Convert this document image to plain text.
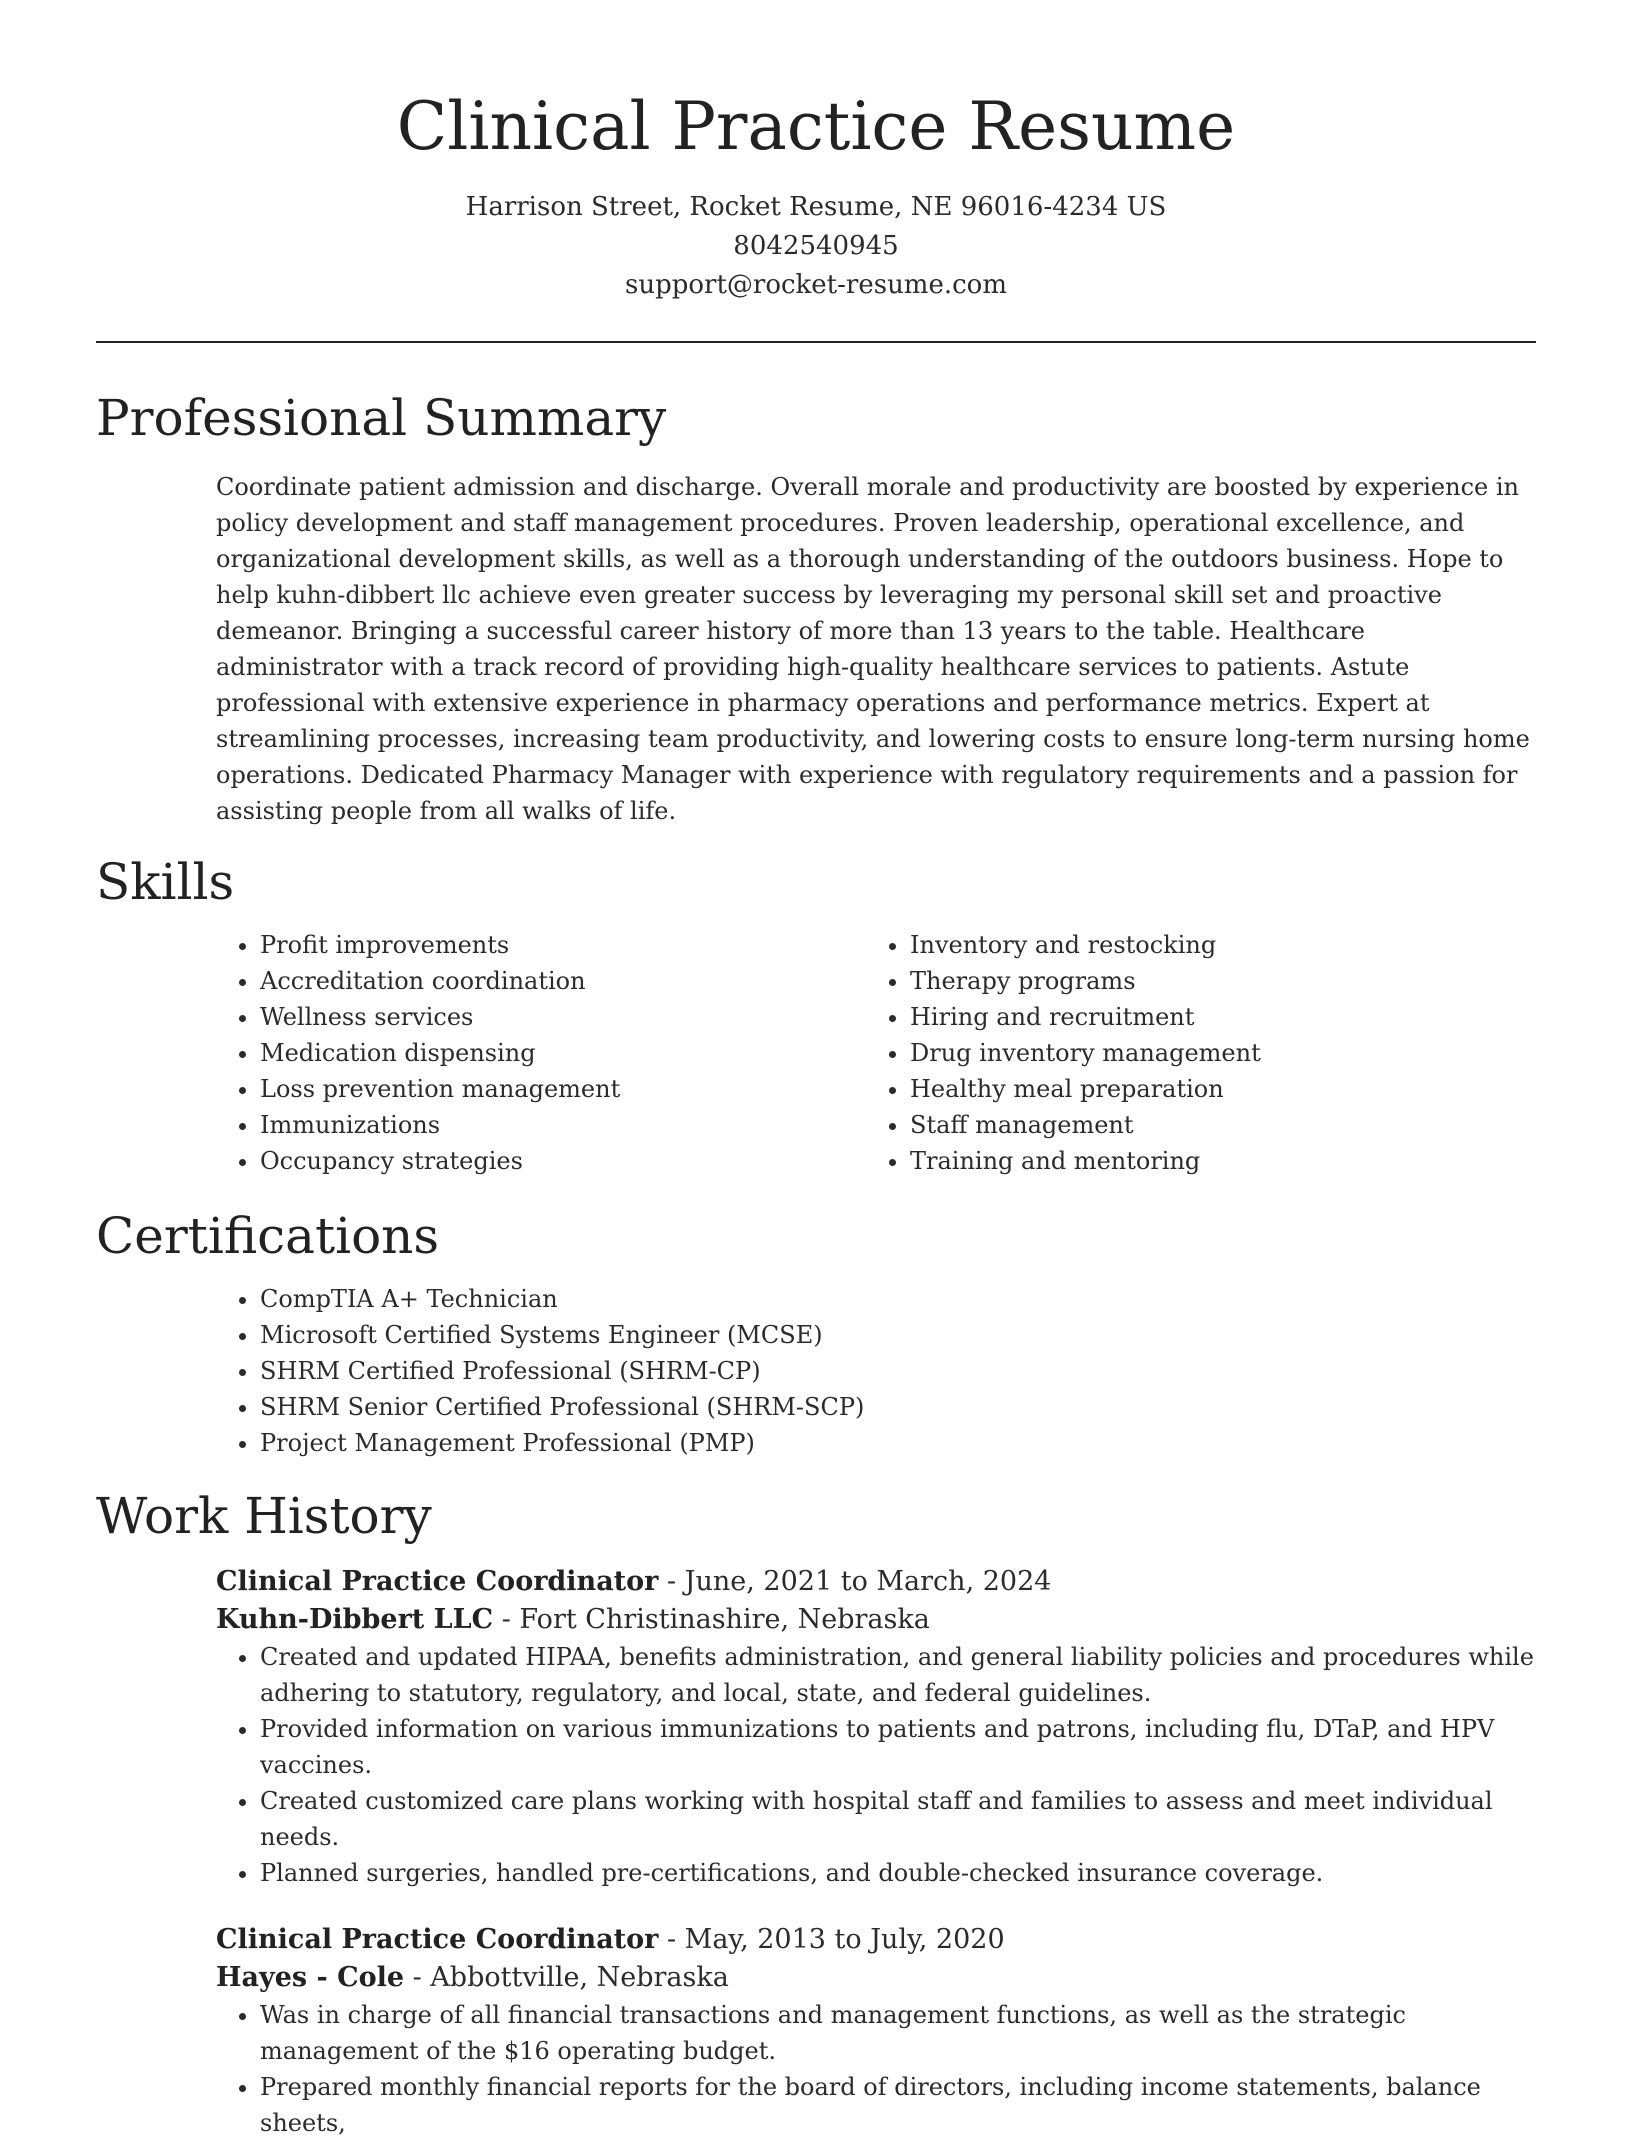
Clinical Practice Resume
Harrison Street, Rocket Resume, NE 96016-4234 US
8042540945
support@rocket-resume.com
Professional Summary
Coordinate patient admission and discharge. Overall morale and productivity are boosted by experience in policy development and staff management procedures. Proven leadership, operational excellence, and organizational development skills, as well as a thorough understanding of the outdoors business. Hope to help kuhn-dibbert llc achieve even greater success by leveraging my personal skill set and proactive demeanor. Bringing a successful career history of more than 13 years to the table. Healthcare administrator with a track record of providing high-quality healthcare services to patients. Astute professional with extensive experience in pharmacy operations and performance metrics. Expert at streamlining processes, increasing team productivity, and lowering costs to ensure long-term nursing home operations. Dedicated Pharmacy Manager with experience with regulatory requirements and a passion for assisting people from all walks of life.
Skills
• Profit improvements
• Accreditation coordination
• Wellness services
• Medication dispensing
• Loss prevention management
• Immunizations
• Occupancy strategies
• Inventory and restocking
• Therapy programs
• Hiring and recruitment
• Drug inventory management
• Healthy meal preparation
• Staff management
• Training and mentoring
Certifications
• CompTIA A+ Technician
• Microsoft Certified Systems Engineer (MCSE)
• SHRM Certified Professional (SHRM-CP)
• SHRM Senior Certified Professional (SHRM-SCP)
• Project Management Professional (PMP)
Work History
Clinical Practice Coordinator - June, 2021 to March, 2024
Kuhn-Dibbert LLC - Fort Christinashire, Nebraska
• Created and updated HIPAA, benefits administration, and general liability policies and procedures while adhering to statutory, regulatory, and local, state, and federal guidelines.
• Provided information on various immunizations to patients and patrons, including flu, DTaP, and HPV vaccines.
• Created customized care plans working with hospital staff and families to assess and meet individual needs.
• Planned surgeries, handled pre-certifications, and double-checked insurance coverage.
Clinical Practice Coordinator - May, 2013 to July, 2020
Hayes - Cole - Abbottville, Nebraska
• Was in charge of all financial transactions and management functions, as well as the strategic management of the $16 operating budget.
• Prepared monthly financial reports for the board of directors, including income statements, balance sheets,
